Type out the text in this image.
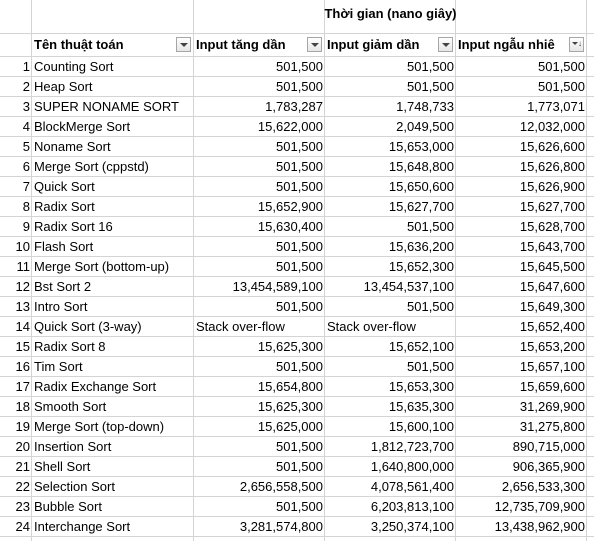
Thời gian (nano giây)
Tên thuật toán	Input tăng dần	Input giảm dần	Input ngẫu nhiê	↓
1 Counting Sort	501,500	501,500	501,500
2 Heap Sort	501,500	501,500	501,500
3 SUPER NONAME SORT	1,783,287	1,748,733	1,773,071
4 BlockMerge Sort	15,622,000	2,049,500	12,032,000
5 Noname Sort	501,500	15,653,000	15,626,600
6 Merge Sort (cppstd)	501,500	15,648,800	15,626,800
7 Quick Sort	501,500	15,650,600	15,626,900
8 Radix Sort	15,652,900	15,627,700	15,627,700
9 Radix Sort 16	15,630,400	501,500	15,628,700
10 Flash Sort	501,500	15,636,200	15,643,700
11 Merge Sort (bottom-up)	501,500	15,652,300	15,645,500
12 Bst Sort 2	13,454,589,100	13,454,537,100	15,647,600
13 Intro Sort	501,500	501,500	15,649,300
14 Quick Sort (3-way)	Stack over-flow	Stack over-flow	15,652,400
15 Radix Sort 8	15,625,300	15,652,100	15,653,200
16 Tim Sort	501,500	501,500	15,657,100
17 Radix Exchange Sort	15,654,800	15,653,300	15,659,600
18 Smooth Sort	15,625,300	15,635,300	31,269,900
19 Merge Sort (top-down)	15,625,000	15,600,100	31,275,800
20 Insertion Sort	501,500	1,812,723,700	890,715,000
21 Shell Sort	501,500	1,640,800,000	906,365,900
22 Selection Sort	2,656,558,500	4,078,561,400	2,656,533,300
23 Bubble Sort	501,500	6,203,813,100	12,735,709,900
24 Interchange Sort	3,281,574,800	3,250,374,100	13,438,962,900
